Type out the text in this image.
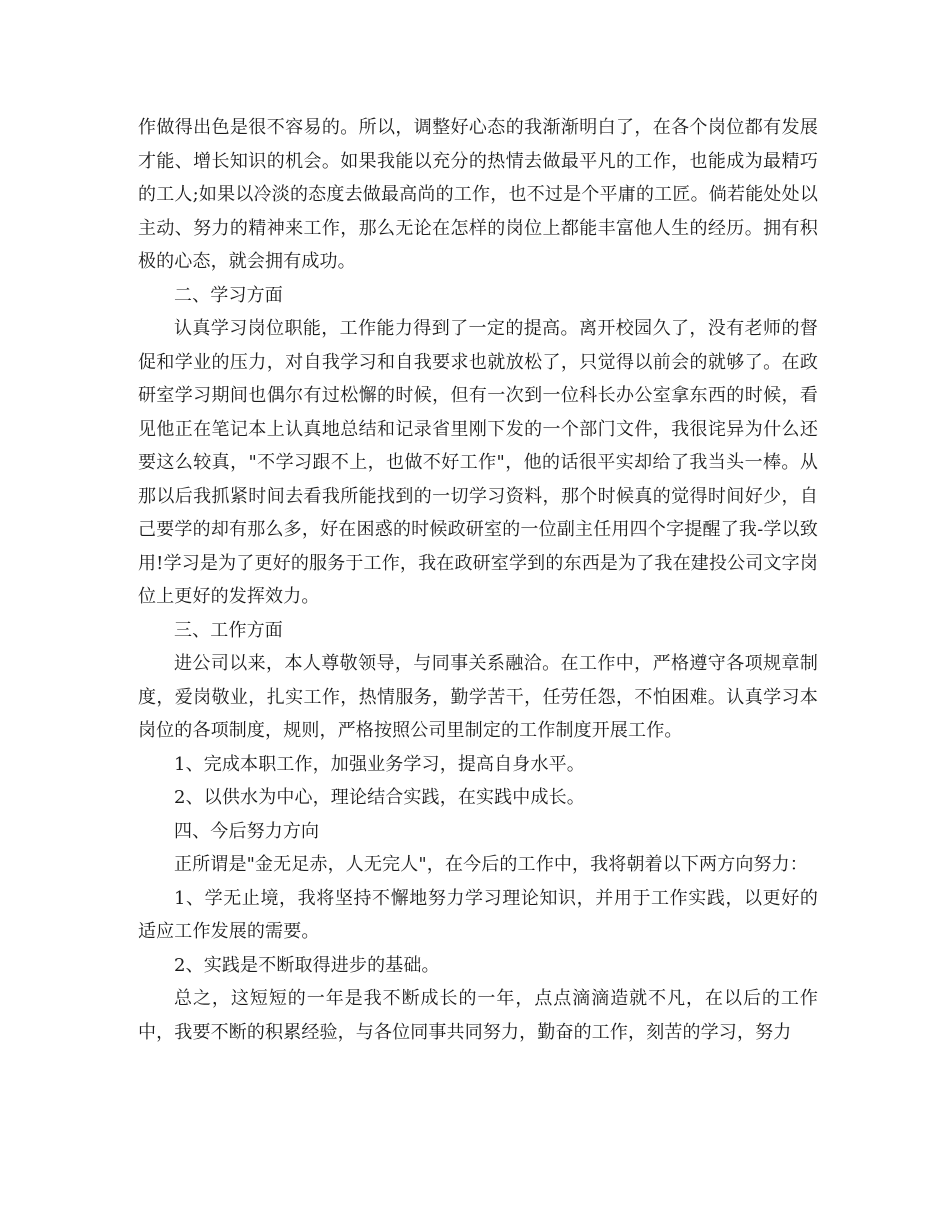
作做得出色是很不容易的。所以，调整好心态的我渐渐明白了，在各个岗位都有发展才能、增长知识的机会。如果我能以充分的热情去做最平凡的工作，也能成为最精巧的工人;如果以冷淡的态度去做最高尚的工作，也不过是个平庸的工匠。倘若能处处以主动、努力的精神来工作，那么无论在怎样的岗位上都能丰富他人生的经历。拥有积极的心态，就会拥有成功。

二、学习方面

认真学习岗位职能，工作能力得到了一定的提高。离开校园久了，没有老师的督促和学业的压力，对自我学习和自我要求也就放松了，只觉得以前会的就够了。在政研室学习期间也偶尔有过松懈的时候，但有一次到一位科长办公室拿东西的时候，看见他正在笔记本上认真地总结和记录省里刚下发的一个部门文件，我很诧异为什么还要这么较真，"不学习跟不上，也做不好工作"，他的话很平实却给了我当头一棒。从那以后我抓紧时间去看我所能找到的一切学习资料，那个时候真的觉得时间好少，自己要学的却有那么多，好在困惑的时候政研室的一位副主任用四个字提醒了我-学以致用!学习是为了更好的服务于工作，我在政研室学到的东西是为了我在建投公司文字岗位上更好的发挥效力。

三、工作方面

进公司以来，本人尊敬领导，与同事关系融洽。在工作中，严格遵守各项规章制度，爱岗敬业，扎实工作，热情服务，勤学苦干，任劳任怨，不怕困难。认真学习本岗位的各项制度，规则，严格按照公司里制定的工作制度开展工作。

1、完成本职工作，加强业务学习，提高自身水平。

2、以供水为中心，理论结合实践，在实践中成长。

四、今后努力方向

正所谓是"金无足赤，人无完人"，在今后的工作中，我将朝着以下两方向努力：

1、学无止境，我将坚持不懈地努力学习理论知识，并用于工作实践，以更好的适应工作发展的需要。

2、实践是不断取得进步的基础。

总之，这短短的一年是我不断成长的一年，点点滴滴造就不凡，在以后的工作中，我要不断的积累经验，与各位同事共同努力，勤奋的工作，刻苦的学习，努力
